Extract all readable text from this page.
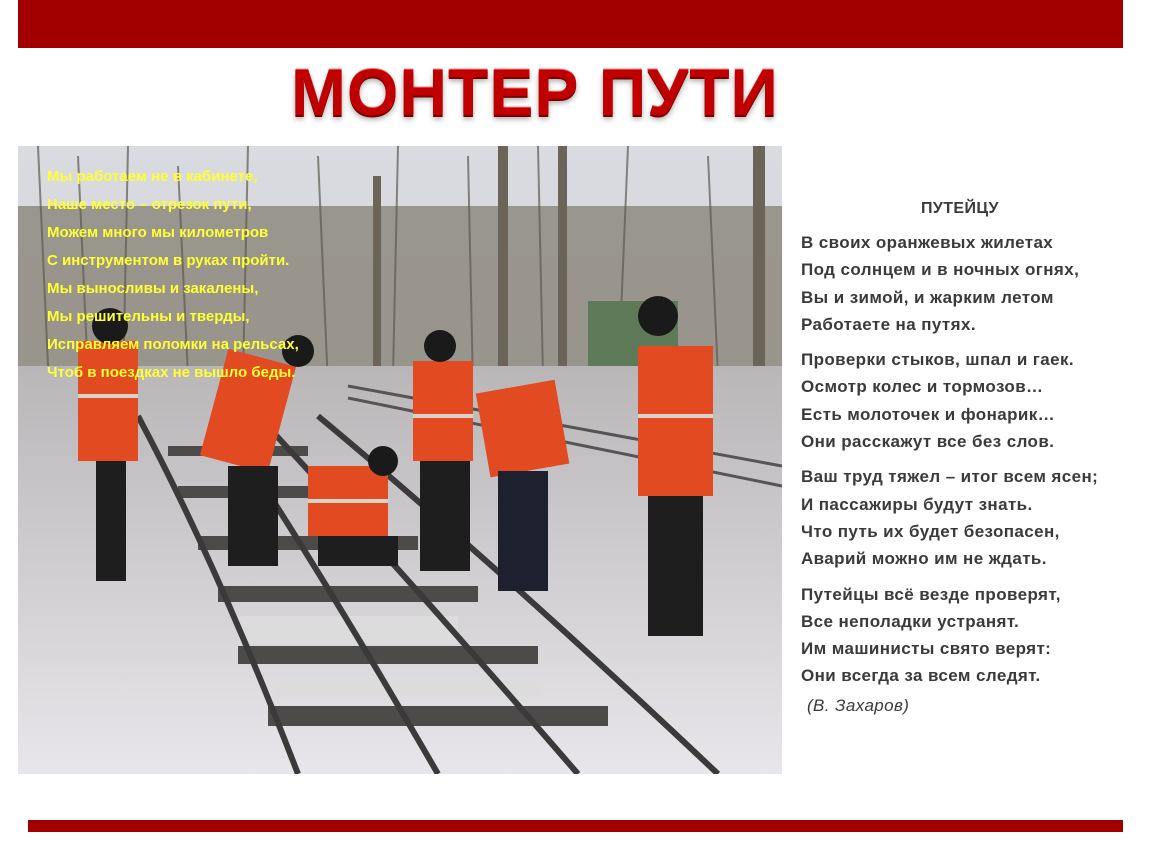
МОНТЕР ПУТИ
Мы работаем не в кабинете,
Наше место – отрезок пути,
Можем много мы километров
С инструментом в руках пройти.
Мы выносливы и закалены,
Мы решительны и тверды,
Исправляем поломки на рельсах,
Чтоб в поездках не вышло беды.
ПУТЕЙЦУ
В своих оранжевых жилетах
Под солнцем и в ночных огнях,
Вы и зимой, и жарким летом
Работаете на путях.
Проверки стыков, шпал и гаек.
Осмотр колес и тормозов…
Есть молоточек и фонарик…
Они расскажут все без слов.
Ваш труд тяжел – итог всем ясен;
И пассажиры будут знать.
Что путь их будет безопасен,
Аварий можно им не ждать.
Путейцы всё везде проверят,
Все неполадки устранят.
Им машинисты свято верят:
Они всегда за всем следят.
(В. Захаров)
